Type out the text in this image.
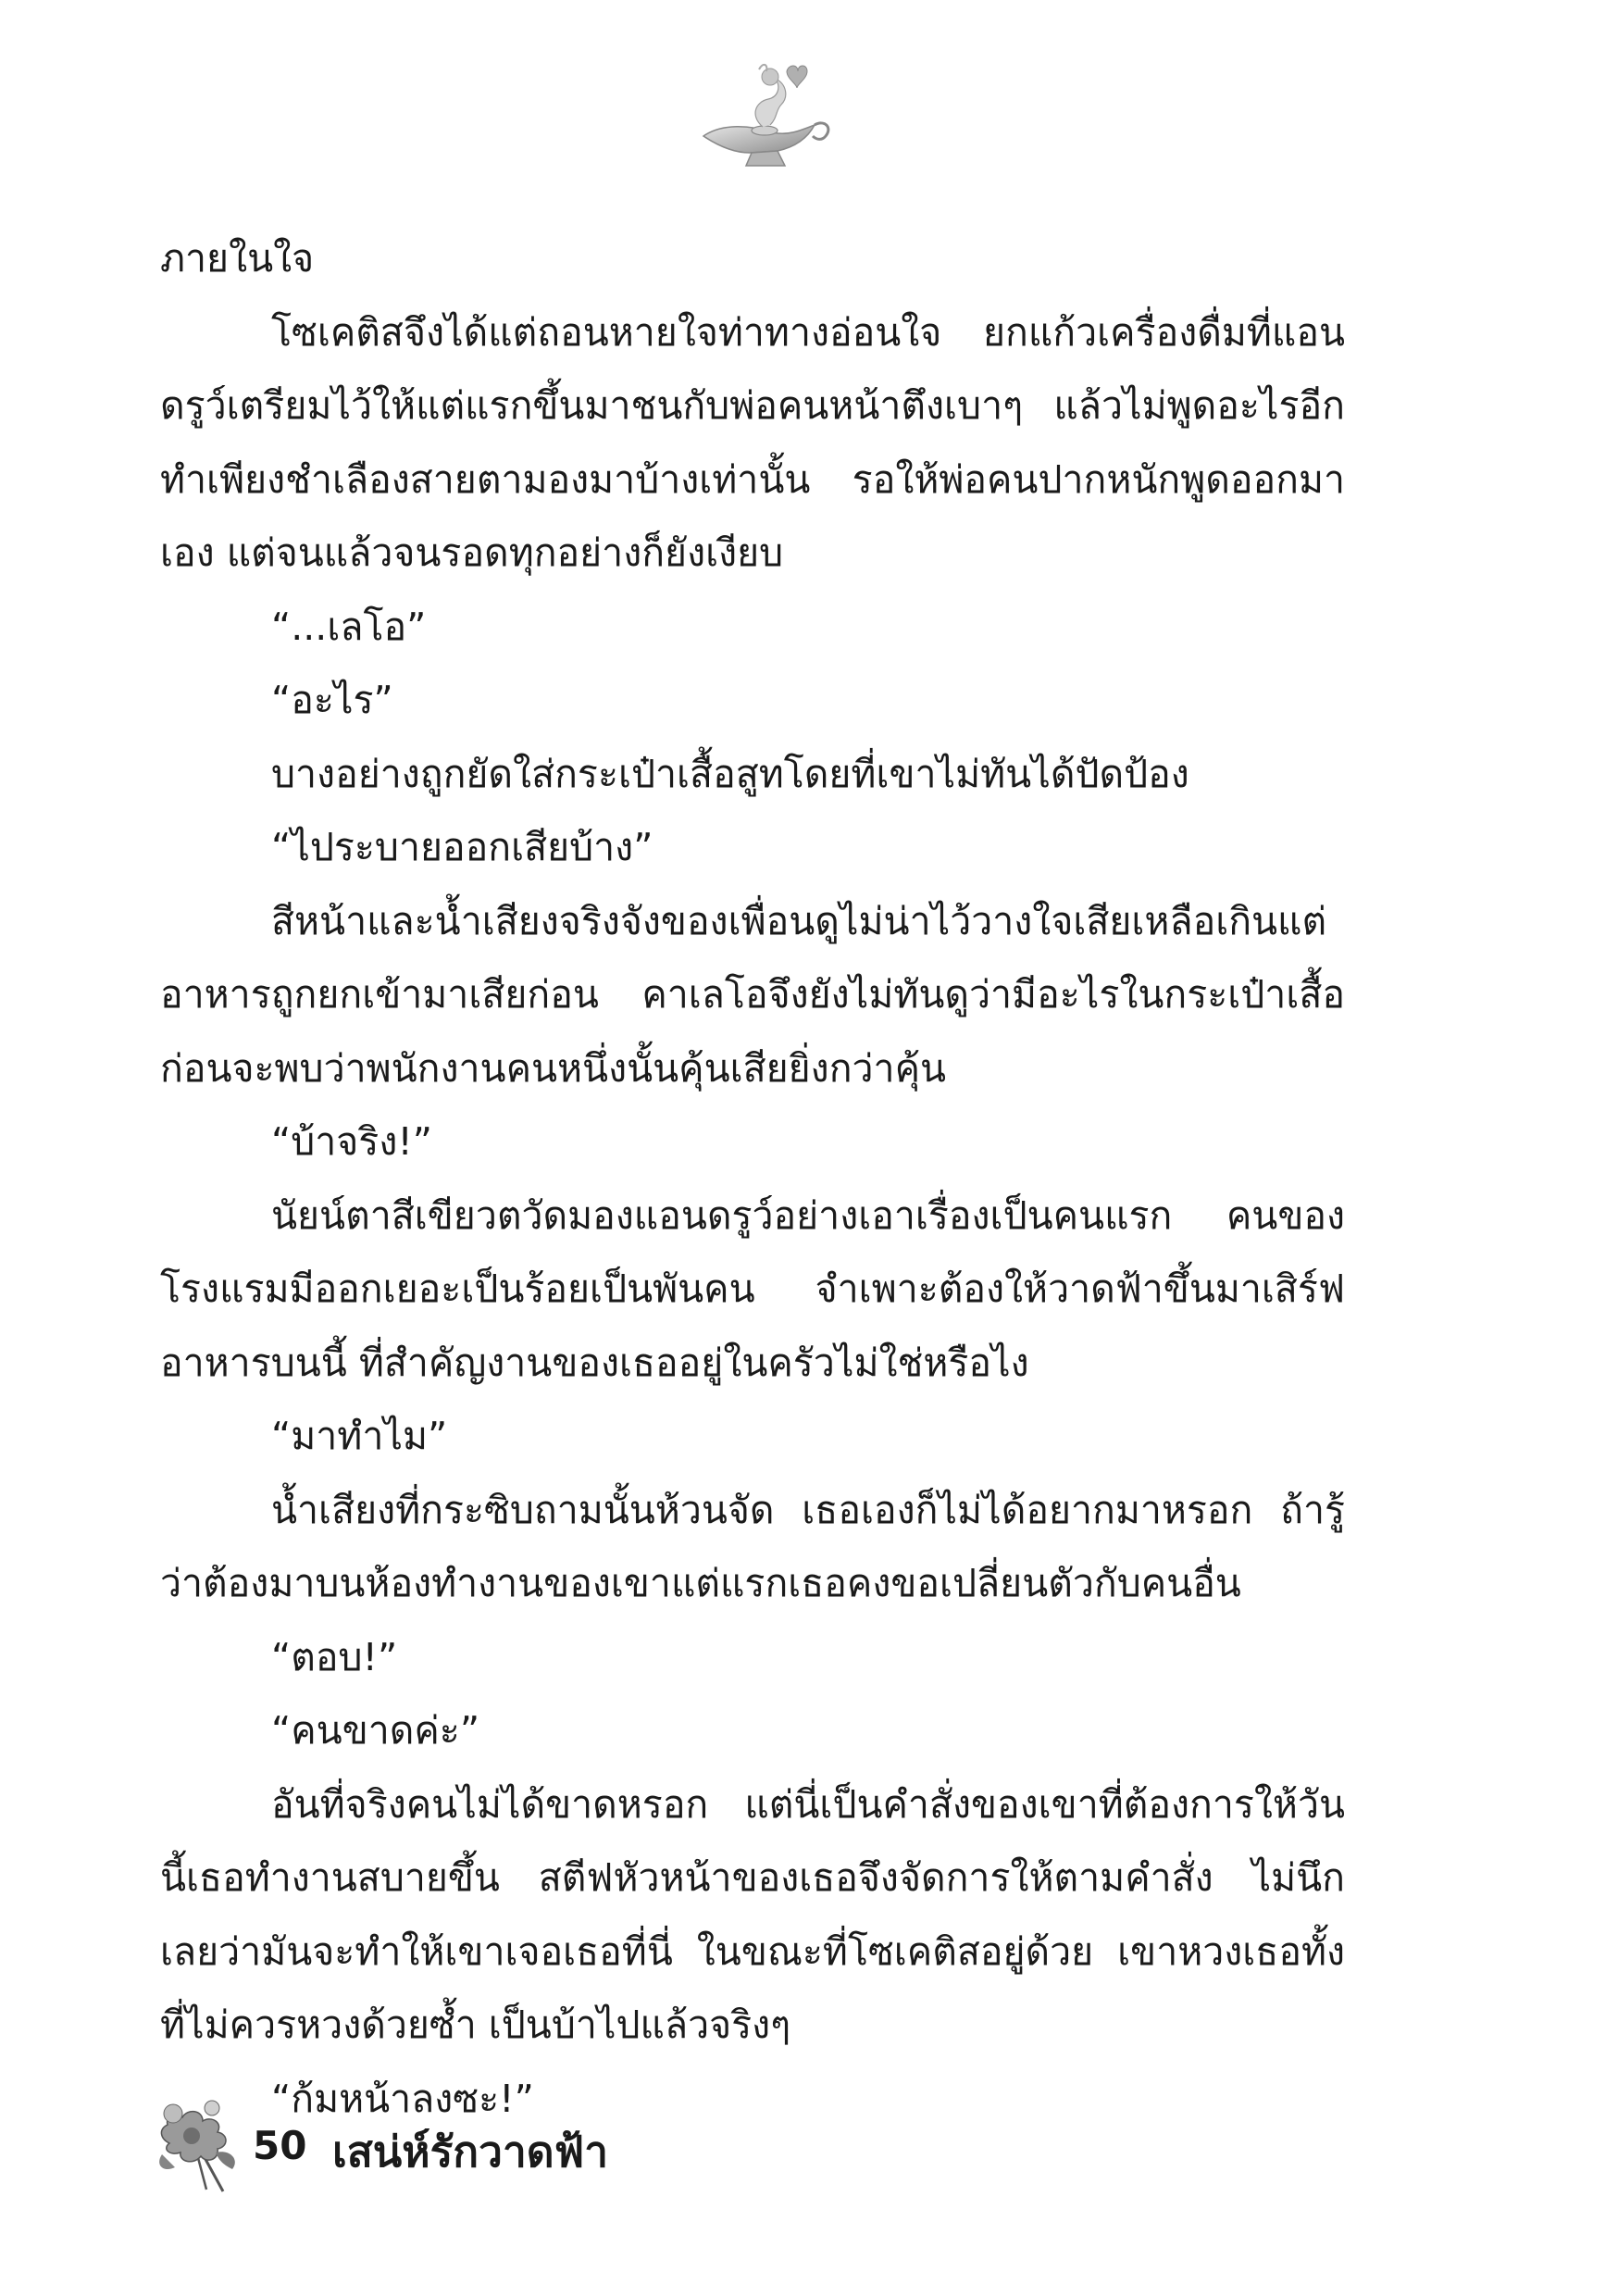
ภายในใจ

โซเคติสจึงได้แต่ถอนหายใจท่าทางอ่อนใจ ยกแก้วเครื่องดื่มที่แอนดรูว์เตรียมไว้ให้แต่แรกขึ้นมาชนกับพ่อคนหน้าตึงเบาๆ แล้วไม่พูดอะไรอีก ทำเพียงชำเลืองสายตามองมาบ้างเท่านั้น รอให้พ่อคนปากหนักพูดออกมาเอง แต่จนแล้วจนรอดทุกอย่างก็ยังเงียบ

“...เลโอ”

“อะไร”

บางอย่างถูกยัดใส่กระเป๋าเสื้อสูทโดยที่เขาไม่ทันได้ปัดป้อง

“ไประบายออกเสียบ้าง”

สีหน้าและน้ำเสียงจริงจังของเพื่อนดูไม่น่าไว้วางใจเสียเหลือเกินแต่อาหารถูกยกเข้ามาเสียก่อน คาเลโอจึงยังไม่ทันดูว่ามีอะไรในกระเป๋าเสื้อก่อนจะพบว่าพนักงานคนหนึ่งนั้นคุ้นเสียยิ่งกว่าคุ้น

“บ้าจริง!”

นัยน์ตาสีเขียวตวัดมองแอนดรูว์อย่างเอาเรื่องเป็นคนแรก คนของโรงแรมมีออกเยอะเป็นร้อยเป็นพันคน จำเพาะต้องให้วาดฟ้าขึ้นมาเสิร์ฟอาหารบนนี้ ที่สำคัญงานของเธออยู่ในครัวไม่ใช่หรือไง

“มาทำไม”

น้ำเสียงที่กระซิบถามนั้นห้วนจัด เธอเองก็ไม่ได้อยากมาหรอก ถ้ารู้ว่าต้องมาบนห้องทำงานของเขาแต่แรกเธอคงขอเปลี่ยนตัวกับคนอื่น

“ตอบ!”

“คนขาดค่ะ”

อันที่จริงคนไม่ได้ขาดหรอก แต่นี่เป็นคำสั่งของเขาที่ต้องการให้วันนี้เธอทำงานสบายขึ้น สตีฟหัวหน้าของเธอจึงจัดการให้ตามคำสั่ง ไม่นึกเลยว่ามันจะทำให้เขาเจอเธอที่นี่ ในขณะที่โซเคติสอยู่ด้วย เขาหวงเธอทั้งที่ไม่ควรหวงด้วยซ้ำ เป็นบ้าไปแล้วจริงๆ

“ก้มหน้าลงซะ!”

50 เสน่ห์รักวาดฟ้า
